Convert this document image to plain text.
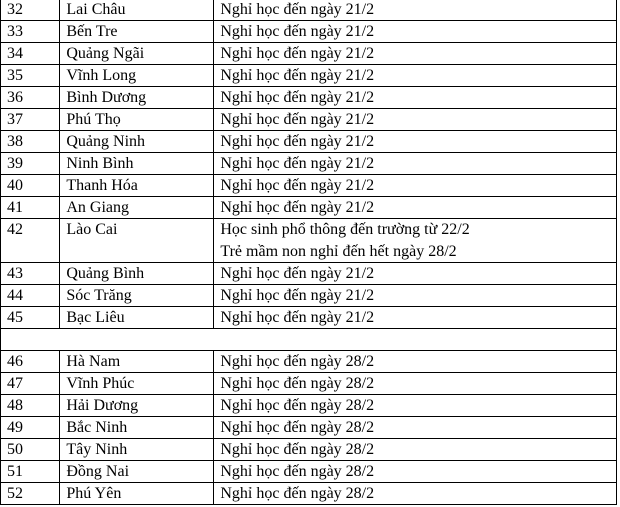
32	Lai Châu	Nghỉ học đến ngày 21/2
33	Bến Tre	Nghỉ học đến ngày 21/2
34	Quảng Ngãi	Nghỉ học đến ngày 21/2
35	Vĩnh Long	Nghỉ học đến ngày 21/2
36	Bình Dương	Nghỉ học đến ngày 21/2
37	Phú Thọ	Nghỉ học đến ngày 21/2
38	Quảng Ninh	Nghỉ học đến ngày 21/2
39	Ninh Bình	Nghỉ học đến ngày 21/2
40	Thanh Hóa	Nghỉ học đến ngày 21/2
41	An Giang	Nghỉ học đến ngày 21/2
42	Lào Cai	Học sinh phổ thông đến trường từ 22/2
Trẻ mầm non nghỉ đến hết ngày 28/2

43	Quảng Bình	Nghỉ học đến ngày 21/2
44	Sóc Trăng	Nghỉ học đến ngày 21/2
45	Bạc Liêu	Nghỉ học đến ngày 21/2

46	Hà Nam	Nghỉ học đến ngày 28/2
47	Vĩnh Phúc	Nghỉ học đến ngày 28/2
48	Hải Dương	Nghỉ học đến ngày 28/2
49	Bắc Ninh	Nghỉ học đến ngày 28/2
50	Tây Ninh	Nghỉ học đến ngày 28/2
51	Đồng Nai	Nghỉ học đến ngày 28/2
52	Phú Yên	Nghỉ học đến ngày 28/2
